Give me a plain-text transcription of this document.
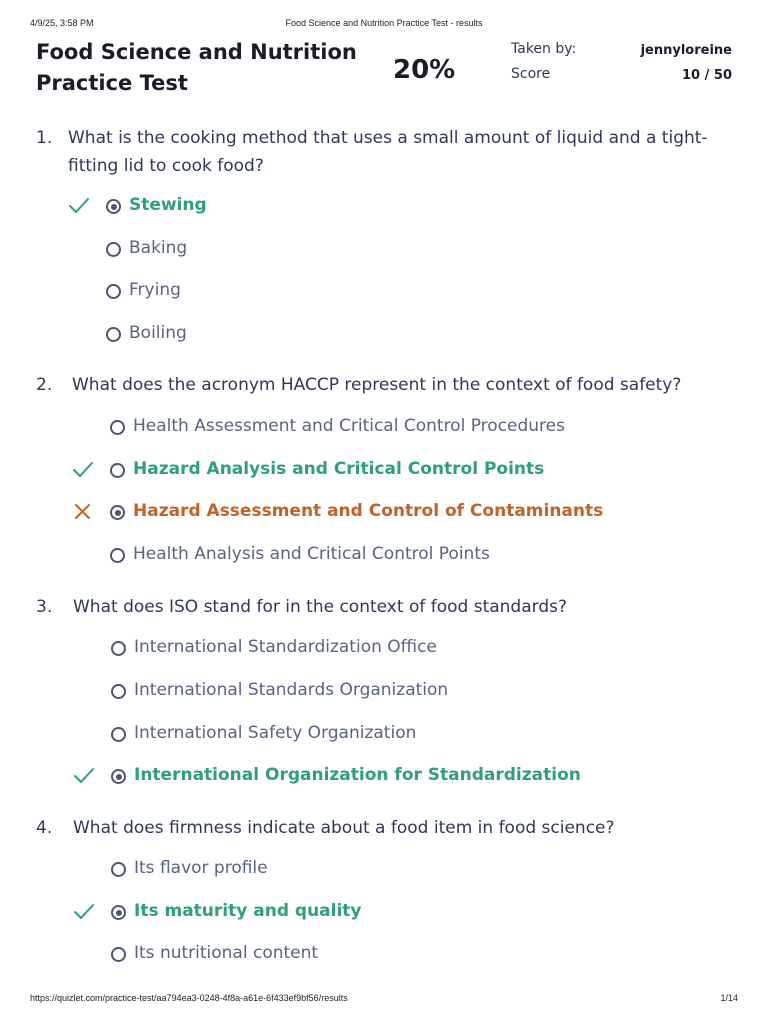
4/9/25, 3:58 PM	Food Science and Nutrition Practice Test - results
Food Science and Nutrition
Practice Test	20%
Taken by:	jennyloreine
Score	10 / 50
1. What is the cooking method that uses a small amount of liquid and a tight-
fitting lid to cook food?
Stewing
Baking
Frying
Boiling
2. What does the acronym HACCP represent in the context of food safety?
Health Assessment and Critical Control Procedures
Hazard Analysis and Critical Control Points
Hazard Assessment and Control of Contaminants
Health Analysis and Critical Control Points
3. What does ISO stand for in the context of food standards?
International Standardization Office
International Standards Organization
International Safety Organization
International Organization for Standardization
4. What does firmness indicate about a food item in food science?
Its flavor profile
Its maturity and quality
Its nutritional content
https://quizlet.com/practice-test/aa794ea3-0248-4f8a-a61e-6f433ef9bf56/results	1/14
